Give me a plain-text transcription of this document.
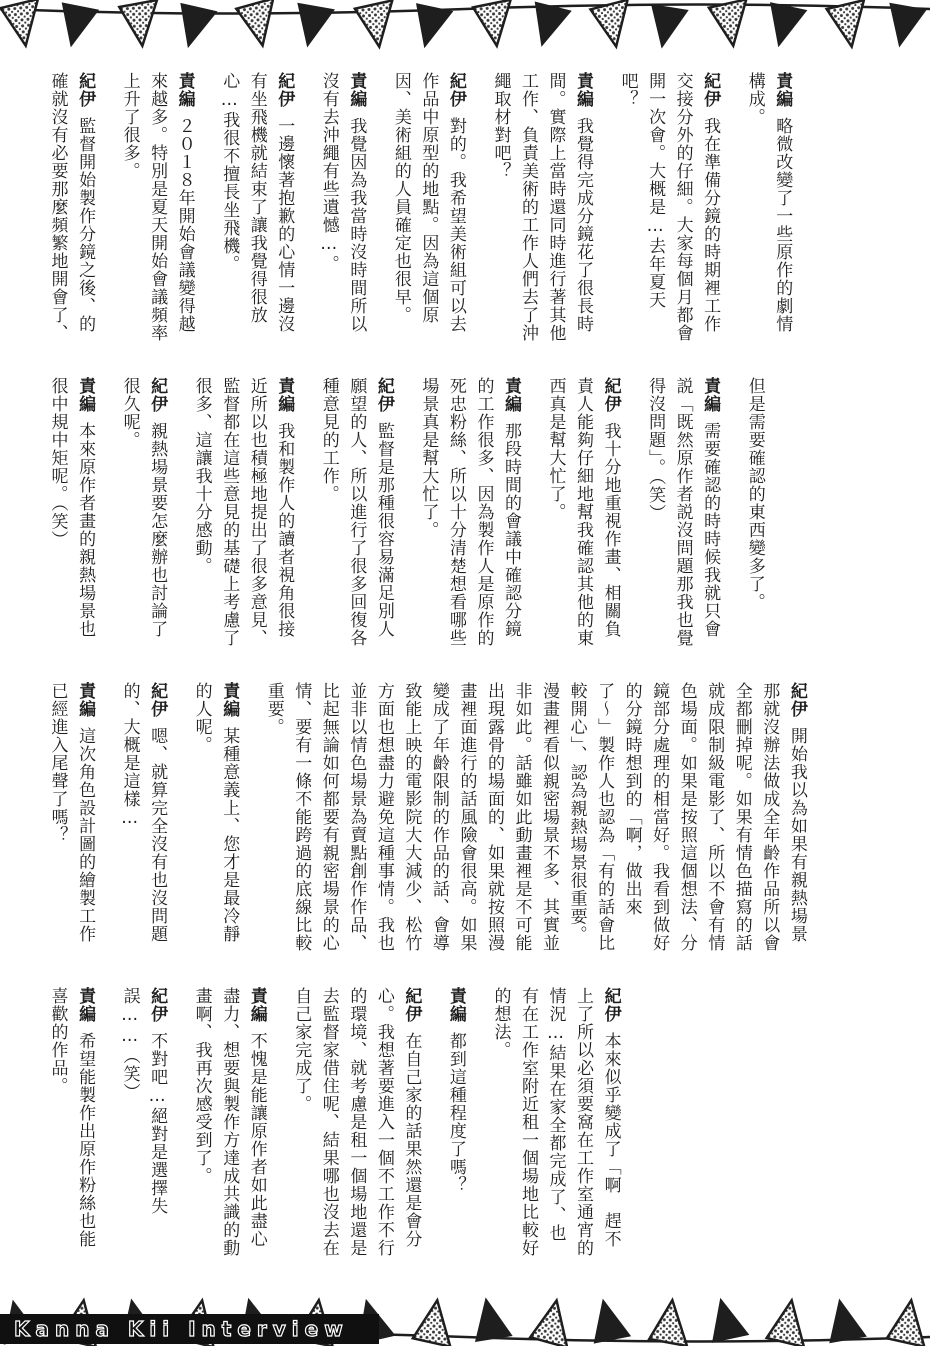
責編略微改變了一些原作的劇情構成。

紀伊我在準備分鏡的時期裡工作交接分外的仔細。大家每個月都會開一次會。大概是…去年夏天吧？

責編我覺得完成分鏡花了很長時間。實際上當時還同時進行著其他工作、負責美術的工作人們去了沖繩取材對吧？

紀伊對的。我希望美術組可以去作品中原型的地點。因為這個原因、美術組的人員確定也很早。

責編我覺因為我當時沒時間所以沒有去沖繩有些遺憾…。

紀伊一邊懷著抱歉的心情一邊沒有坐飛機就結束了讓我覺得很放心…我很不擅長坐飛機。

責編２０１８年開始會議變得越來越多。特別是夏天開始會議頻率上升了很多。

紀伊監督開始製作分鏡之後、的確就沒有必要那麼頻繁地開會了、

但是需要確認的東西變多了。

責編需要確認的時時候我就只會説「既然原作者説沒問題那我也覺得沒問題」。（笑）

紀伊我十分地重視作畫、相關負責人能夠仔細地幫我確認其他的東西真是幫大忙了。

責編那段時間的會議中確認分鏡的工作很多、因為製作人是原作的死忠粉絲、所以十分清楚想看哪些場景真是幫大忙了。

紀伊監督是那種很容易滿足別人願望的人、所以進行了很多回復各種意見的工作。

責編我和製作人的讀者視角很接近所以也積極地提出了很多意見、監督都在這些意見的基礎上考慮了很多、這讓我十分感動。

紀伊親熱場景要怎麼辦也討論了很久呢。

責編本來原作者畫的親熱場景也很中規中矩呢。（笑）

紀伊開始我以為如果有親熱場景那就沒辦法做成全年齡作品所以會全都刪掉呢。如果有情色描寫的話就成限制級電影了、所以不會有情色場面。如果是按照這個想法、分鏡部分處理的相當好。我看到做好的分鏡時想到的「啊，做出來了〜」製作人也認為「有的話會比較開心」、認為親熱場景很重要。漫畫裡看似親密場景不多、其實並非如此。話雖如此動畫裡是不可能出現露骨的場面的、如果就按照漫畫裡面進行的話風險會很高。如果變成了年齡限制的作品的話、會導致能上映的電影院大大減少、松竹方面也想盡力避免這種事情。我也並非以情色場景為賣點創作作品、比起無論如何都要有親密場景的心情、要有一條不能跨過的底線比較重要。

責編某種意義上、您才是最冷靜的人呢。

紀伊嗯、就算完全沒有也沒問題的、大概是這樣…

責編這次角色設計圖的繪製工作已經進入尾聲了嗎？

紀伊本來似乎變成了「啊　趕不上了所以必須要窩在工作室通宵的情況…結果在家全都完成了、也有在工作室附近租一個場地比較好的想法。

責編都到這種程度了嗎？

紀伊在自己家的話果然還是會分心。我想著要進入一個不工作不行的環境、就考慮是租一個場地還是去監督家借住呢、結果哪也沒去在自己家完成了。

責編不愧是能讓原作者如此盡心盡力、想要與製作方達成共識的動畫啊、我再次感受到了。

紀伊不對吧…絕對是選擇失誤……（笑）

責編希望能製作出原作粉絲也能喜歡的作品。

Kanna Kii Interview
